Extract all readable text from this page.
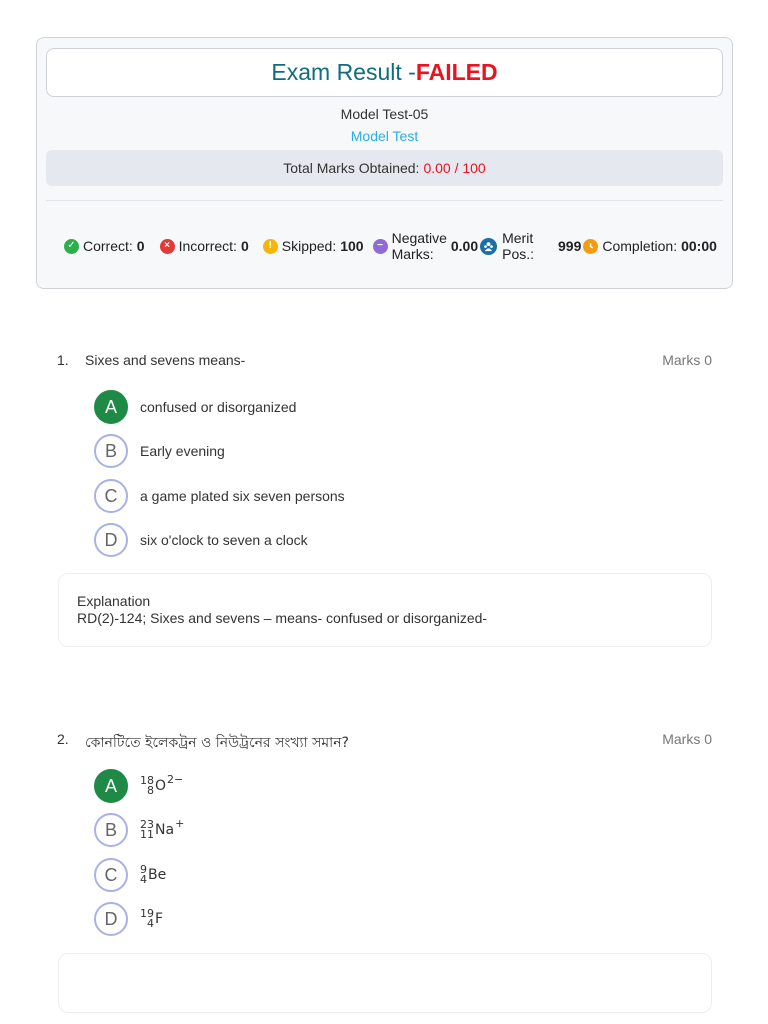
Exam Result - FAILED
Model Test-05
Model Test
Total Marks Obtained: 0.00 / 100
✓ Correct: 0	× Incorrect: 0	! Skipped: 100	− Negative
Marks:	0.00 Merit
Pos.: 999 Completion: 00:00
1.	Sixes and sevens means-	Marks 0
A	confused or disorganized
B	Early evening
C	a game plated six seven persons
D	six o'clock to seven a clock
Explanation
RD(2)-124; Sixes and sevens – means- confused or disorganized-
2.	কোনটিতে ইলেকট্রন ও নিউট্রনের সংখ্যা সমান?	Marks 0
A	18
8 O 2−
B	23
11 Na +
C	9
4 Be
D	19
4 F
